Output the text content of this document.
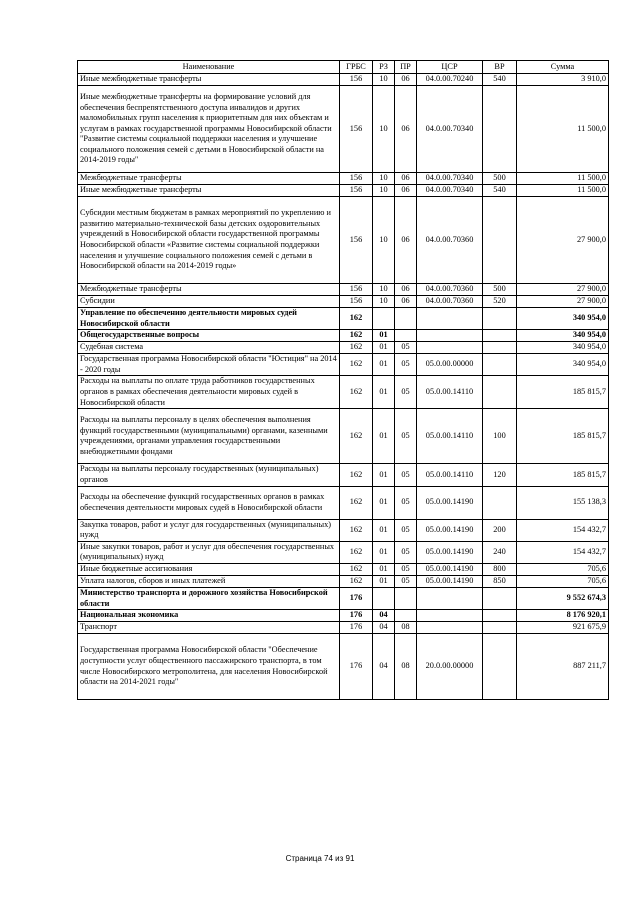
Наименование	ГРБС	РЗ	ПР	ЦСР	ВР	Сумма
Иные межбюджетные трансферты	156	10	06	04.0.00.70240	540	3 910,0
Иные межбюджетные трансферты на формирование условий для обеспечения беспрепятственного доступа инвалидов и других маломобильных групп населения к приоритетным для них объектам и услугам в рамках государственной программы Новосибирской области "Развитие системы социальной поддержки населения и улучшение социального положения семей с детьми в Новосибирской области на 2014-2019 годы"	156	10	06	04.0.00.70340		11 500,0
Межбюджетные трансферты	156	10	06	04.0.00.70340	500	11 500,0
Иные межбюджетные трансферты	156	10	06	04.0.00.70340	540	11 500,0
Субсидии местным бюджетам в рамках мероприятий по укреплению и развитию материально-технической базы детских оздоровительных учреждений в Новосибирской области государственной программы Новосибирской области «Развитие системы социальной поддержки населения и улучшение социального положения семей с детьми в Новосибирской области на 2014-2019 годы»	156	10	06	04.0.00.70360		27 900,0
Межбюджетные трансферты	156	10	06	04.0.00.70360	500	27 900,0
Субсидии	156	10	06	04.0.00.70360	520	27 900,0
Управление по обеспечению деятельности мировых судей Новосибирской области	162					340 954,0
Общегосударственные вопросы	162	01				340 954,0
Судебная система	162	01	05			340 954,0
Государственная программа Новосибирской области "Юстиция" на 2014 - 2020 годы	162	01	05	05.0.00.00000		340 954,0
Расходы на выплаты по оплате труда работников государственных органов в рамках обеспечения деятельности мировых судей в Новосибирской области	162	01	05	05.0.00.14110		185 815,7
Расходы на выплаты персоналу в целях обеспечения выполнения функций государственными (муниципальными) органами, казенными учреждениями, органами управления государственными внебюджетными фондами	162	01	05	05.0.00.14110	100	185 815,7
Расходы на выплаты персоналу государственных (муниципальных) органов	162	01	05	05.0.00.14110	120	185 815,7
Расходы на обеспечение функций государственных органов в рамках обеспечения деятельности мировых судей в Новосибирской области	162	01	05	05.0.00.14190		155 138,3
Закупка товаров, работ и услуг для государственных (муниципальных) нужд	162	01	05	05.0.00.14190	200	154 432,7
Иные закупки товаров, работ и услуг для обеспечения государственных (муниципальных) нужд	162	01	05	05.0.00.14190	240	154 432,7
Иные бюджетные ассигнования	162	01	05	05.0.00.14190	800	705,6
Уплата налогов, сборов и иных платежей	162	01	05	05.0.00.14190	850	705,6
Министерство транспорта и дорожного хозяйства Новосибирской области	176					9 552 674,3
Национальная экономика	176	04				8 176 920,1
Транспорт	176	04	08			921 675,9
Государственная программа Новосибирской области "Обеспечение доступности услуг общественного пассажирского транспорта, в том числе Новосибирского метрополитена, для населения Новосибирской области на 2014-2021 годы"	176	04	08	20.0.00.00000		887 211,7
Страница 74 из 91
